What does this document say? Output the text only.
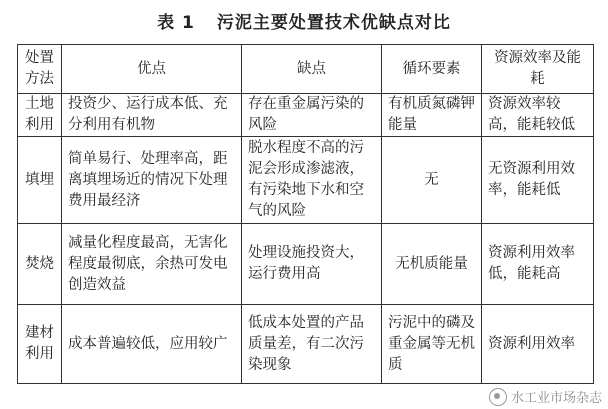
表 1 污泥主要处置技术优缺点对比
处置方法	优点	缺点	循环要素	资源效率及能耗
土地利用	投资少、运行成本低、充分利用有机物	存在重金属污染的风险	有机质氮磷钾能量	资源效率较高，能耗较低
填埋	简单易行、处理率高，距离填埋场近的情况下处理费用最经济	脱水程度不高的污泥会形成渗滤液，有污染地下水和空气的风险	无	无资源利用效率，能耗低
焚烧	减量化程度最高，无害化程度最彻底，余热可发电创造效益	处理设施投资大，运行费用高	无机质能量	资源利用效率低，能耗高
建材利用	成本普遍较低，应用较广	低成本处置的产品质量差，有二次污染现象	污泥中的磷及重金属等无机质	资源利用效率
水工业市场杂志
